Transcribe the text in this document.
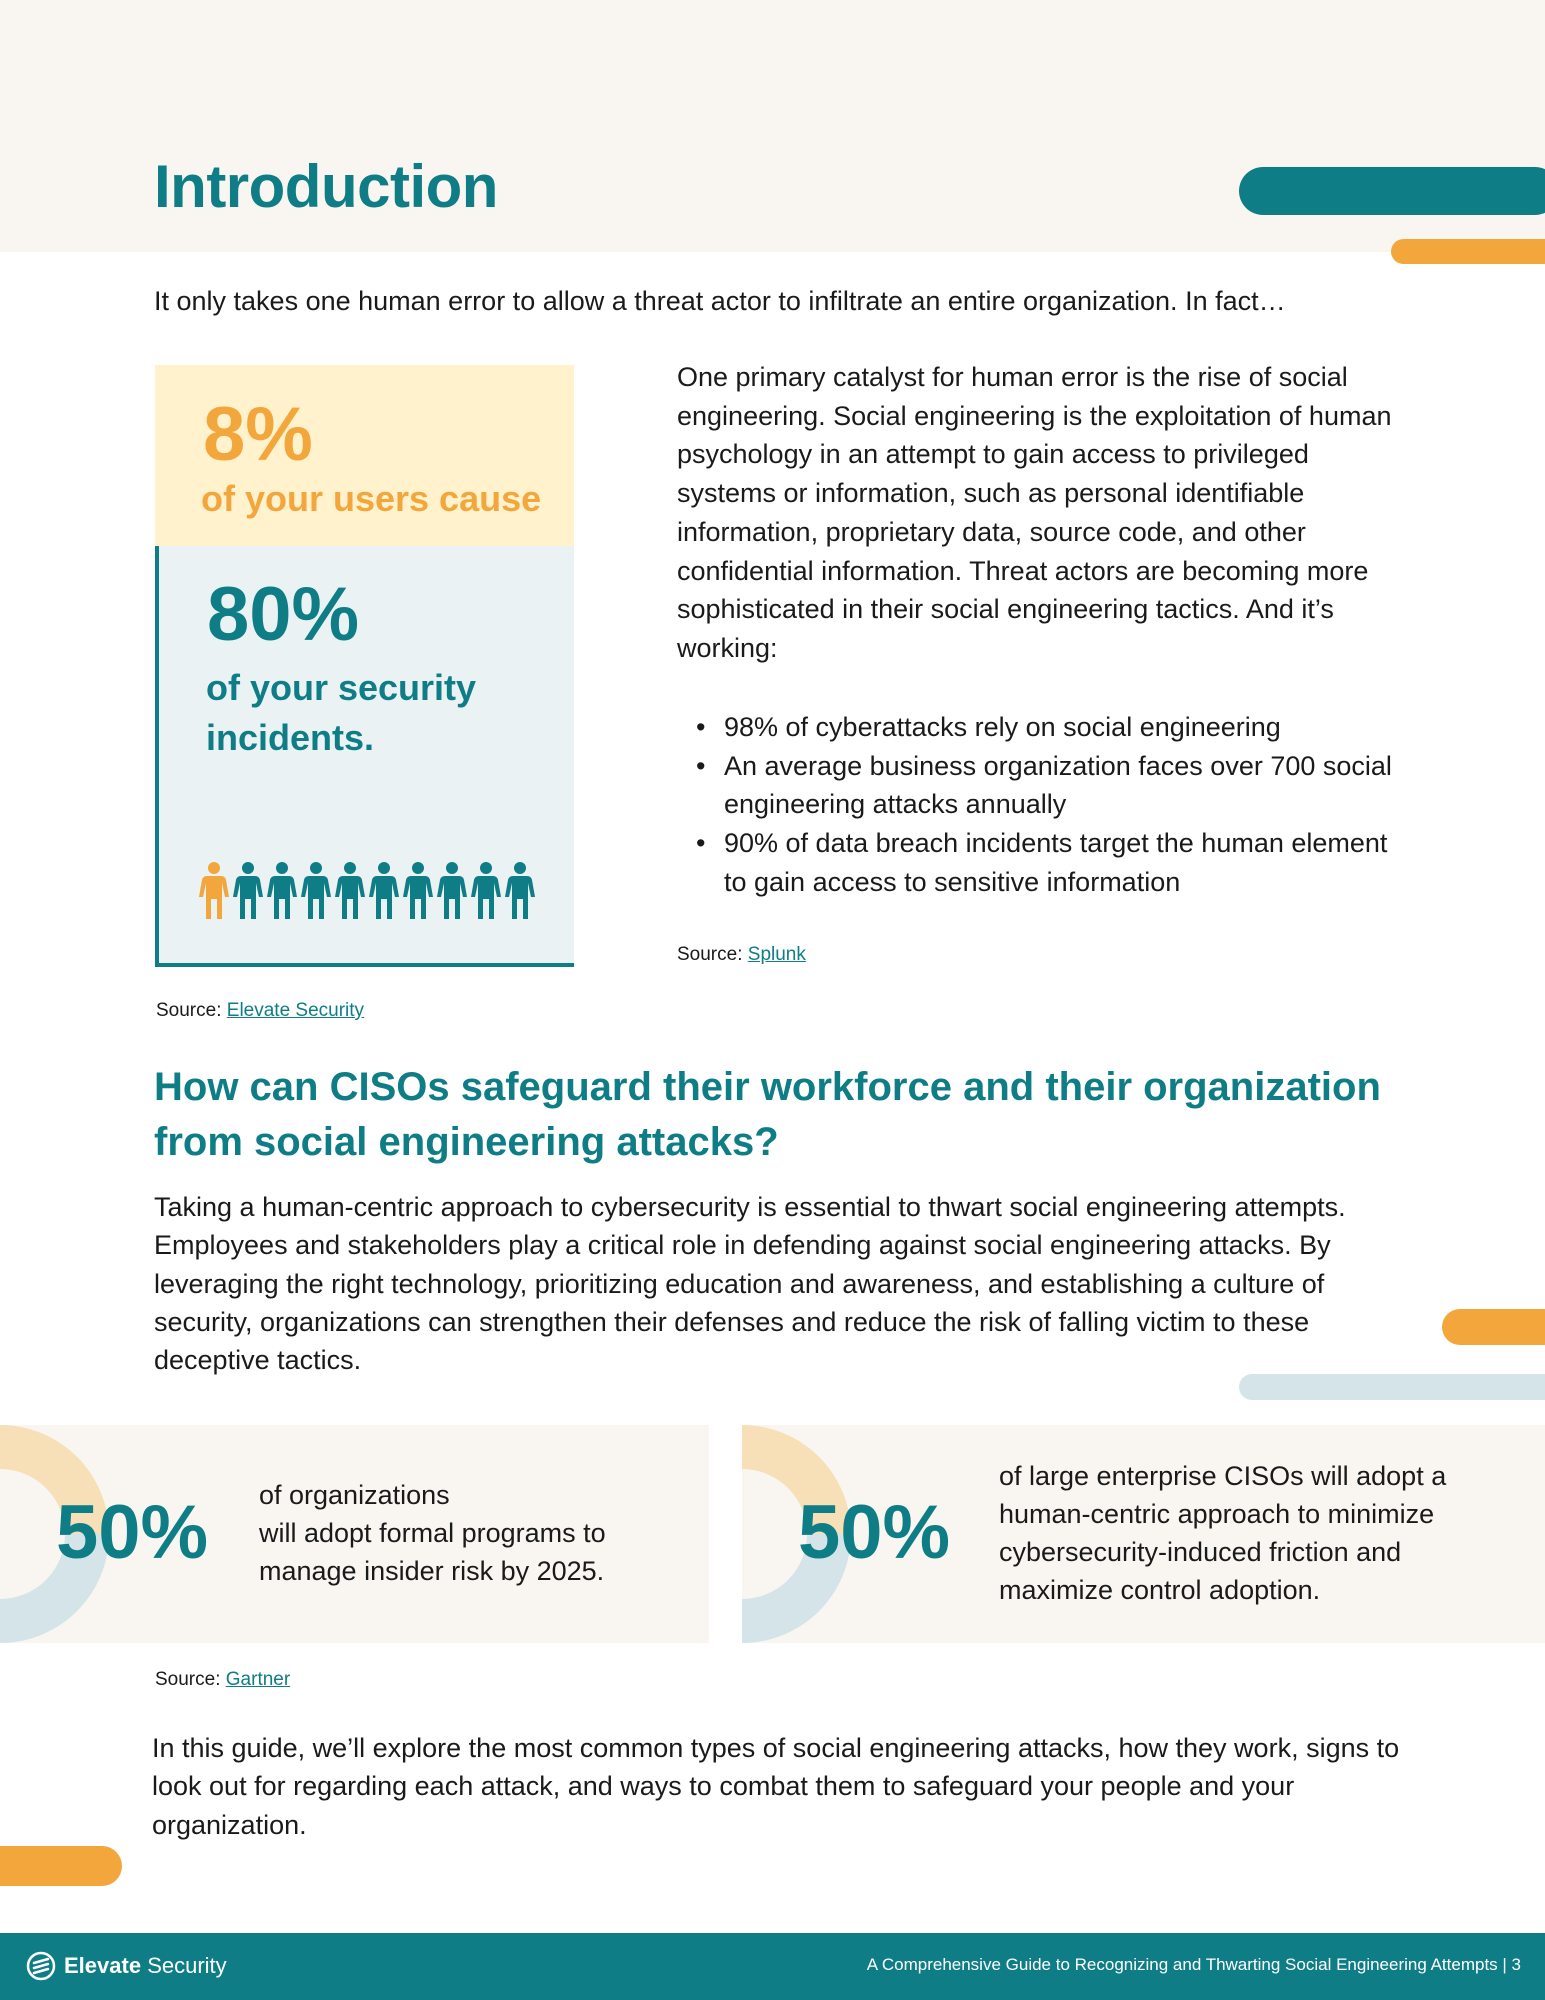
Introduction

It only takes one human error to allow a threat actor to infiltrate an entire organization. In fact…

8%
of your users cause
80%
of your security incidents.

Source: Elevate Security

One primary catalyst for human error is the rise of social engineering. Social engineering is the exploitation of human psychology in an attempt to gain access to privileged systems or information, such as personal identifiable information, proprietary data, source code, and other confidential information. Threat actors are becoming more sophisticated in their social engineering tactics. And it’s working:

• 98% of cyberattacks rely on social engineering
• An average business organization faces over 700 social engineering attacks annually
• 90% of data breach incidents target the human element to gain access to sensitive information

Source: Splunk

How can CISOs safeguard their workforce and their organization from social engineering attacks?

Taking a human-centric approach to cybersecurity is essential to thwart social engineering attempts. Employees and stakeholders play a critical role in defending against social engineering attacks. By leveraging the right technology, prioritizing education and awareness, and establishing a culture of security, organizations can strengthen their defenses and reduce the risk of falling victim to these deceptive tactics.

50% of organizations
will adopt formal programs to
manage insider risk by 2025.	50%
of large enterprise CISOs will adopt a
human-centric approach to minimize
cybersecurity-induced friction and
maximize control adoption.

Source: Gartner

In this guide, we’ll explore the most common types of social engineering attacks, how they work, signs to look out for regarding each attack, and ways to combat them to safeguard your people and your organization.

Elevate Security	A Comprehensive Guide to Recognizing and Thwarting Social Engineering Attempts | 3
